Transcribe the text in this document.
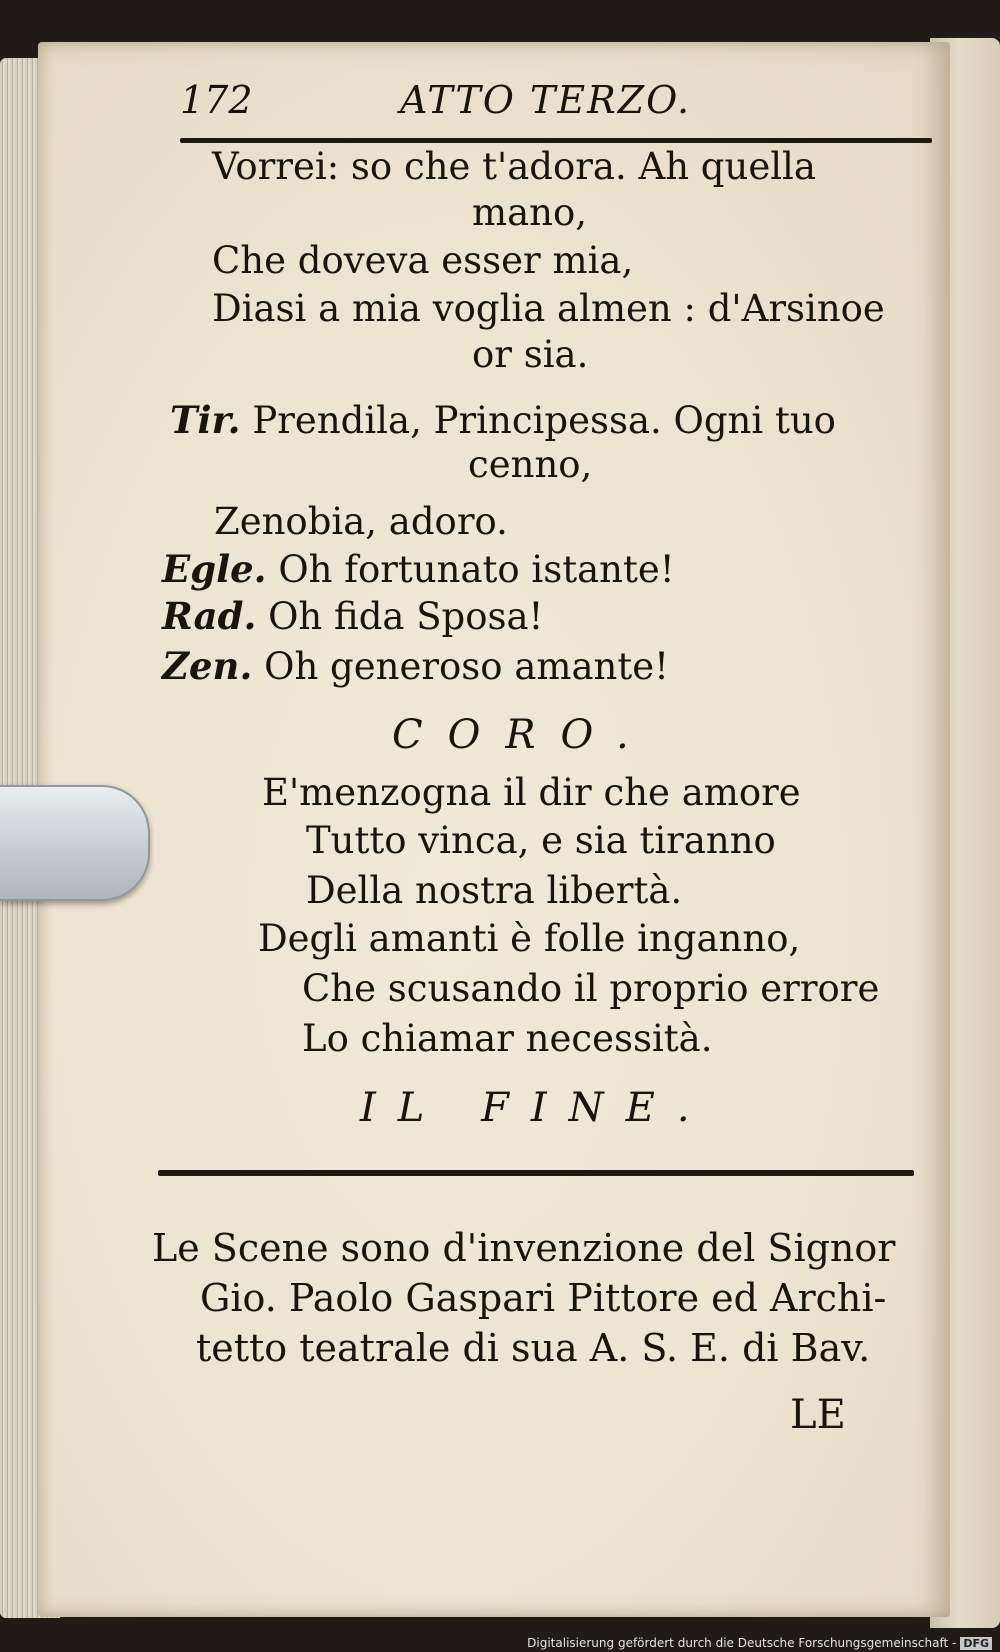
172	ATTO TERZO.
Vorrei: so che t'adora. Ah quella
mano,
Che doveva esser mia,
Diasi a mia voglia almen : d'Arsinoe
or sia.
Tir. Prendila, Principessa. Ogni tuo
cenno,
Zenobia, adoro.
Egle. Oh fortunato istante!
Rad. Oh fida Sposa!
Zen. Oh generoso amante!
CORO.
E'menzogna il dir che amore
Tutto vinca, e sia tiranno
Della nostra libertà.
Degli amanti è folle inganno,
Che scusando il proprio errore
Lo chiamar necessità.
IL FINE.
Le Scene sono d'invenzione del Signor
Gio. Paolo Gaspari Pittore ed Archi-
tetto teatrale di sua A. S. E. di Bav.
LE
Digitalisierung gefördert durch die Deutsche Forschungsgemeinschaft - DFG
